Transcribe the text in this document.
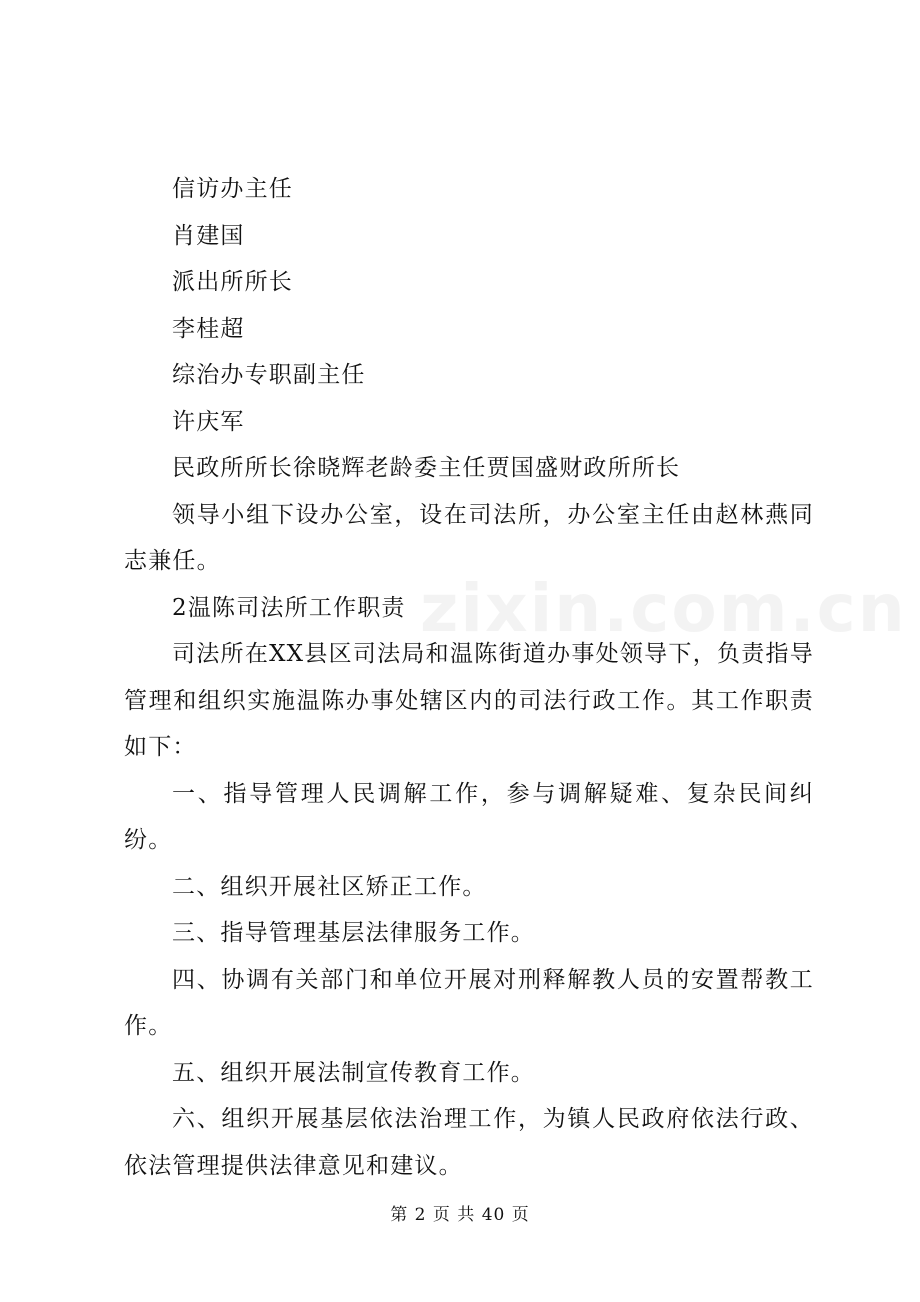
zixin.com.cn
信访办主任
肖建国
派出所所长
李桂超
综治办专职副主任
许庆军
民政所所长徐晓辉老龄委主任贾国盛财政所所长
领导小组下设办公室，设在司法所，办公室主任由赵林燕同志兼任。
2温陈司法所工作职责
司法所在XX县区司法局和温陈街道办事处领导下，负责指导管理和组织实施温陈办事处辖区内的司法行政工作。其工作职责如下：
一、指导管理人民调解工作，参与调解疑难、复杂民间纠纷。
二、组织开展社区矫正工作。
三、指导管理基层法律服务工作。
四、协调有关部门和单位开展对刑释解教人员的安置帮教工作。
五、组织开展法制宣传教育工作。
六、组织开展基层依法治理工作，为镇人民政府依法行政、依法管理提供法律意见和建议。
第 2 页 共 40 页
